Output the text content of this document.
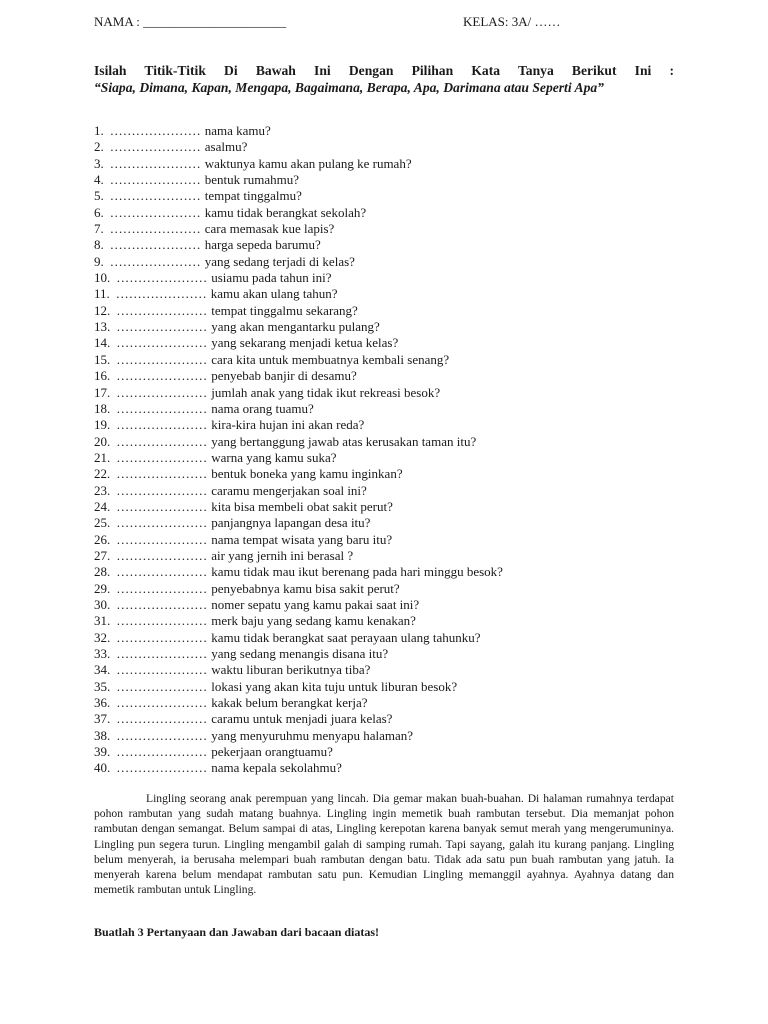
NAMA : ______________________	KELAS: 3A/ ……
Isilah Titik-Titik Di Bawah Ini Dengan Pilihan Kata Tanya Berikut Ini :
“Siapa, Dimana, Kapan, Mengapa, Bagaimana, Berapa, Apa, Darimana atau Seperti Apa”
1. ………………… nama kamu?
2. ………………… asalmu?
3. ………………… waktunya kamu akan pulang ke rumah?
4. ………………… bentuk rumahmu?
5. ………………… tempat tinggalmu?
6. ………………… kamu tidak berangkat sekolah?
7. ………………… cara memasak kue lapis?
8. ………………… harga sepeda barumu?
9. ………………… yang sedang terjadi di kelas?
10. ………………… usiamu pada tahun ini?
11. ………………… kamu akan ulang tahun?
12. ………………… tempat tinggalmu sekarang?
13. ………………… yang akan mengantarku pulang?
14. ………………… yang sekarang menjadi ketua kelas?
15. ………………… cara kita untuk membuatnya kembali senang?
16. ………………… penyebab banjir di desamu?
17. ………………… jumlah anak yang tidak ikut rekreasi besok?
18. ………………… nama orang tuamu?
19. ………………… kira-kira hujan ini akan reda?
20. ………………… yang bertanggung jawab atas kerusakan taman itu?
21. ………………… warna yang kamu suka?
22. ………………… bentuk boneka yang kamu inginkan?
23. ………………… caramu mengerjakan soal ini?
24. ………………… kita bisa membeli obat sakit perut?
25. ………………… panjangnya lapangan desa itu?
26. ………………… nama tempat wisata yang baru itu?
27. ………………… air yang jernih ini berasal ?
28. ………………… kamu tidak mau ikut berenang pada hari minggu besok?
29. ………………… penyebabnya kamu bisa sakit perut?
30. ………………… nomer sepatu yang kamu pakai saat ini?
31. ………………… merk baju yang sedang kamu kenakan?
32. ………………… kamu tidak berangkat saat perayaan ulang tahunku?
33. ………………… yang sedang menangis disana itu?
34. ………………… waktu liburan berikutnya tiba?
35. ………………… lokasi yang akan kita tuju untuk liburan besok?
36. ………………… kakak belum berangkat kerja?
37. ………………… caramu untuk menjadi juara kelas?
38. ………………… yang menyuruhmu menyapu halaman?
39. ………………… pekerjaan orangtuamu?
40. ………………… nama kepala sekolahmu?

Lingling seorang anak perempuan yang lincah. Dia gemar makan buah-buahan. Di halaman rumahnya terdapat pohon rambutan yang sudah matang buahnya. Lingling ingin memetik buah rambutan tersebut. Dia memanjat pohon rambutan dengan semangat. Belum sampai di atas, Lingling kerepotan karena banyak semut merah yang mengerumuninya. Lingling pun segera turun. Lingling mengambil galah di samping rumah. Tapi sayang, galah itu kurang panjang. Lingling belum menyerah, ia berusaha melempari buah rambutan dengan batu. Tidak ada satu pun buah rambutan yang jatuh. Ia menyerah karena belum mendapat rambutan satu pun. Kemudian Lingling memanggil ayahnya. Ayahnya datang dan memetik rambutan untuk Lingling.

Buatlah 3 Pertanyaan dan Jawaban dari bacaan diatas!
